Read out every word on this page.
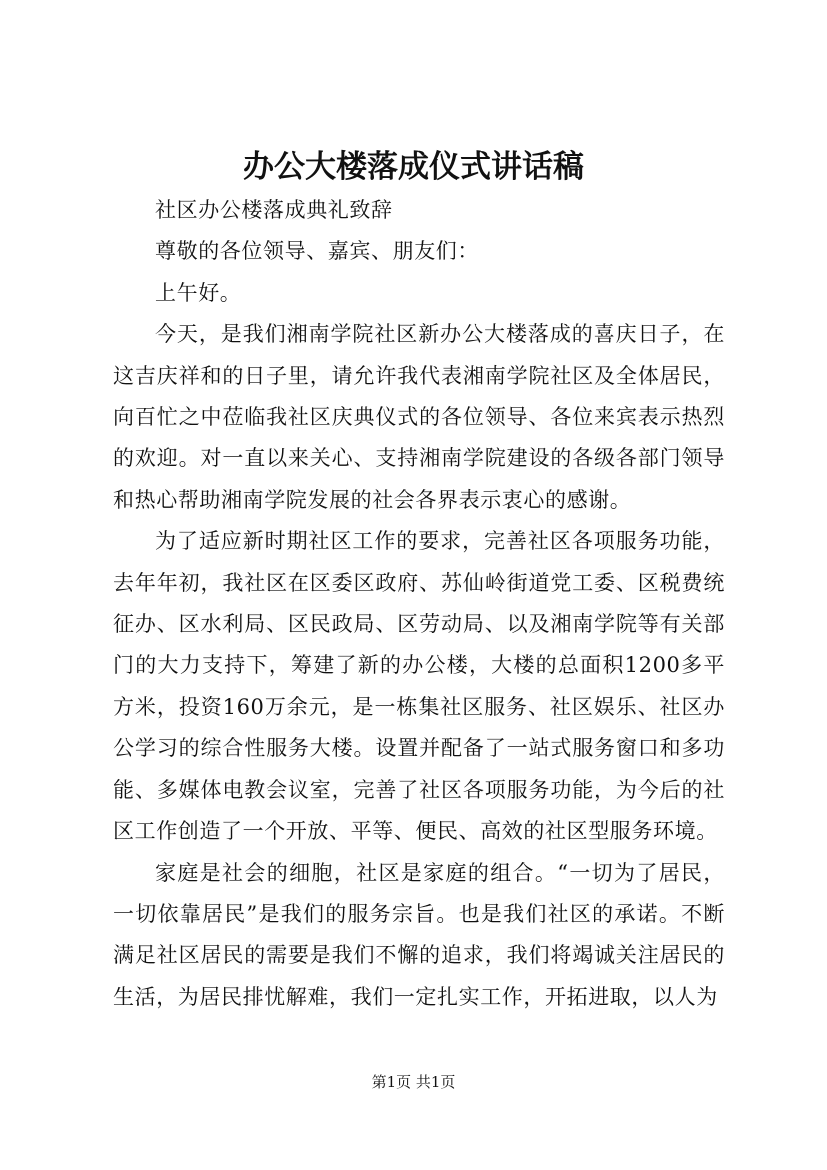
办公大楼落成仪式讲话稿

社区办公楼落成典礼致辞

尊敬的各位领导、嘉宾、朋友们：

上午好。

今天，是我们湘南学院社区新办公大楼落成的喜庆日子，在这吉庆祥和的日子里，请允许我代表湘南学院社区及全体居民，向百忙之中莅临我社区庆典仪式的各位领导、各位来宾表示热烈的欢迎。对一直以来关心、支持湘南学院建设的各级各部门领导和热心帮助湘南学院发展的社会各界表示衷心的感谢。

为了适应新时期社区工作的要求，完善社区各项服务功能，去年年初，我社区在区委区政府、苏仙岭街道党工委、区税费统征办、区水利局、区民政局、区劳动局、以及湘南学院等有关部门的大力支持下，筹建了新的办公楼，大楼的总面积1200多平方米，投资160万余元，是一栋集社区服务、社区娱乐、社区办公学习的综合性服务大楼。设置并配备了一站式服务窗口和多功能、多媒体电教会议室，完善了社区各项服务功能，为今后的社区工作创造了一个开放、平等、便民、高效的社区型服务环境。

家庭是社会的细胞，社区是家庭的组合。“一切为了居民，一切依靠居民”是我们的服务宗旨。也是我们社区的承诺。不断满足社区居民的需要是我们不懈的追求，我们将竭诚关注居民的生活，为居民排忧解难，我们一定扎实工作，开拓进取，以人为

第1页 共1页
